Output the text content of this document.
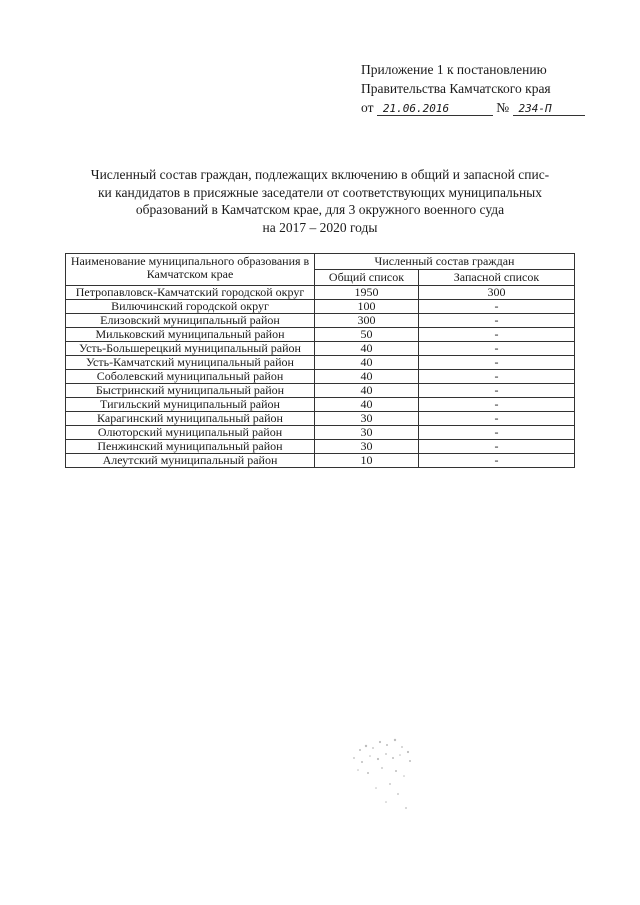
Приложение 1 к постановлению
Правительства Камчатского края
от 21.06.2016	№ 234-П
Численный состав граждан, подлежащих включению в общий и запасной спис-
ки кандидатов в присяжные заседатели от соответствующих муниципальных
образований в Камчатском крае, для 3 окружного военного суда
на 2017 – 2020 годы
Наименование муниципального образования в Камчатском крае	Численный состав граждан	
	Общий список	Запасной список
Петропавловск-Камчатский городской округ	1950	300
Вилючинский городской округ	100	-
Елизовский муниципальный район	300	-
Мильковский муниципальный район	50	-
Усть-Большерецкий муниципальный район	40	-
Усть-Камчатский муниципальный район	40	-
Соболевский муниципальный район	40	-
Быстринский муниципальный район	40	-
Тигильский муниципальный район	40	-
Карагинский муниципальный район	30	-
Олюторский муниципальный район	30	-
Пенжинский муниципальный район	30	-
Алеутский муниципальный район	10	-
